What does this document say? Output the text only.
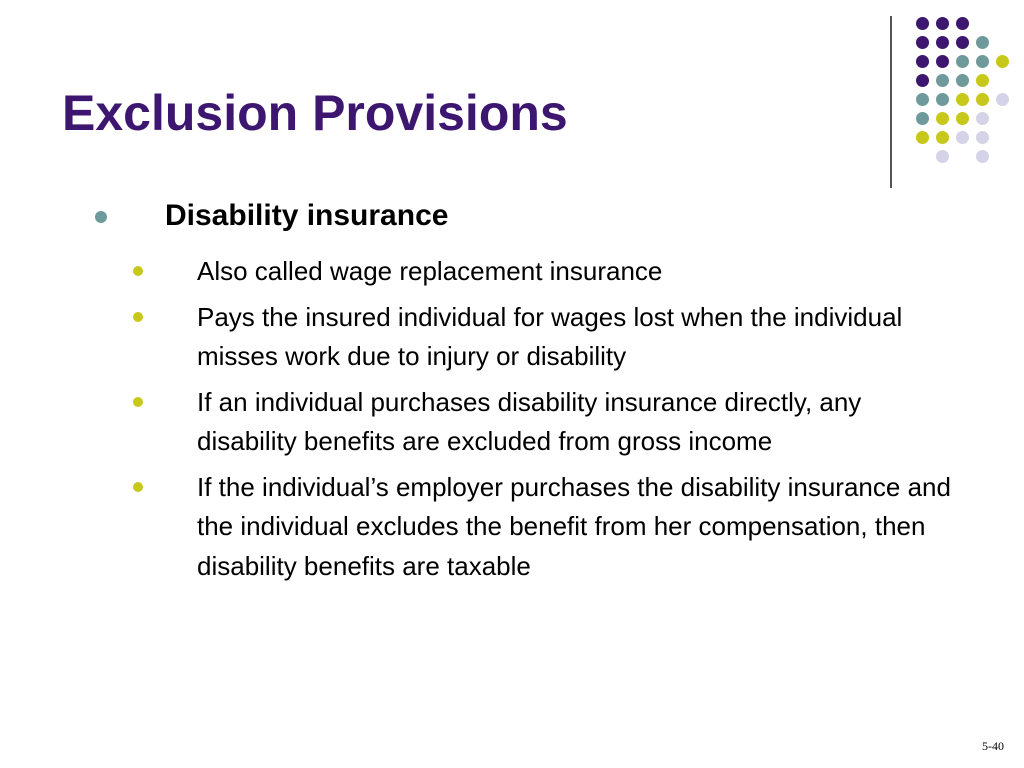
Exclusion Provisions
Disability insurance
Also called wage replacement insurance
Pays the insured individual for wages lost when the individual misses work due to injury or disability
If an individual purchases disability insurance directly, any disability benefits are excluded from gross income
If the individual’s employer purchases the disability insurance and the individual excludes the benefit from her compensation, then disability benefits are taxable
5-40
